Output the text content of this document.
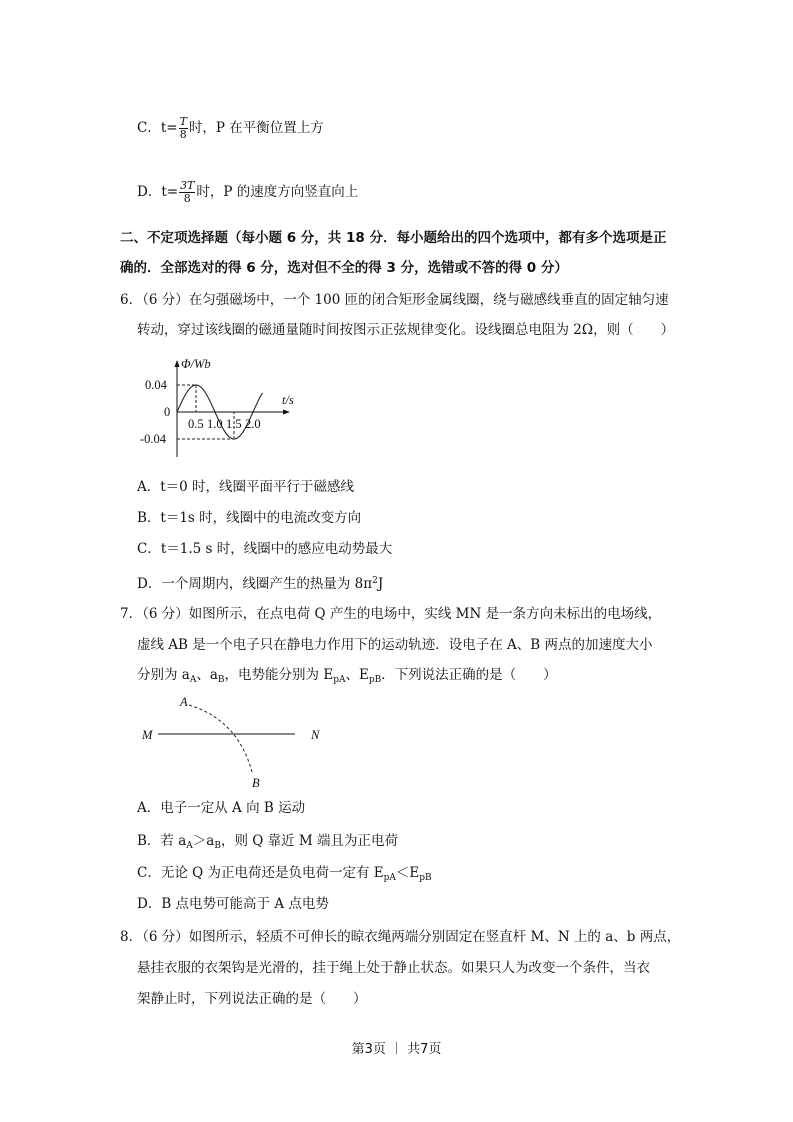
C．$t= \frac{T}{8}$ 时，P 在平衡位置上方
D．$t= \frac{3T}{8}$ 时，P 的速度方向竖直向上
二、不定项选择题（每小题 6 分，共 18 分．每小题给出的四个选项中，都有多个选项是正
确的．全部选对的得 6 分，选对但不全的得 3 分，选错或不答的得 0 分）
6．（6 分）在匀强磁场中，一个 100 匝的闭合矩形金属线圈，绕与磁感线垂直的固定轴匀速
转动，穿过该线圈的磁通量随时间按图示正弦规律变化。设线圈总电阻为 2Ω，则（　　）
Φ/Wb
t/s
0
0.04
-0.04
0.5 1.0 1.5 2.0
A．t＝0 时，线圈平面平行于磁感线
B．t＝1s 时，线圈中的电流改变方向
C．t＝1.5 s 时，线圈中的感应电动势最大
D．一个周期内，线圈产生的热量为 $8\pi^2J$
7．（6 分）如图所示，在点电荷 Q 产生的电场中，实线 MN 是一条方向未标出的电场线，
虚线 AB 是一个电子只在静电力作用下的运动轨迹．设电子在 A、B 两点的加速度大小
分别为 $a_A$、$a_B$，电势能分别为 $E_{pA}$、$E_{pB}$．下列说法正确的是（　　）
A
M	N
B
A．电子一定从 A 向 B 运动
B．若 $a_A>a_B$，则 Q 靠近 M 端且为正电荷
C．无论 Q 为正电荷还是负电荷一定有 $E_{pA}<E_{pB}$
D．B 点电势可能高于 A 点电势
8．（6 分）如图所示，轻质不可伸长的晾衣绳两端分别固定在竖直杆 M、N 上的 a、b 两点，
悬挂衣服的衣架钩是光滑的，挂于绳上处于静止状态。如果只人为改变一个条件，当衣
架静止时，下列说法正确的是（　　）
第3页 ｜ 共7页
